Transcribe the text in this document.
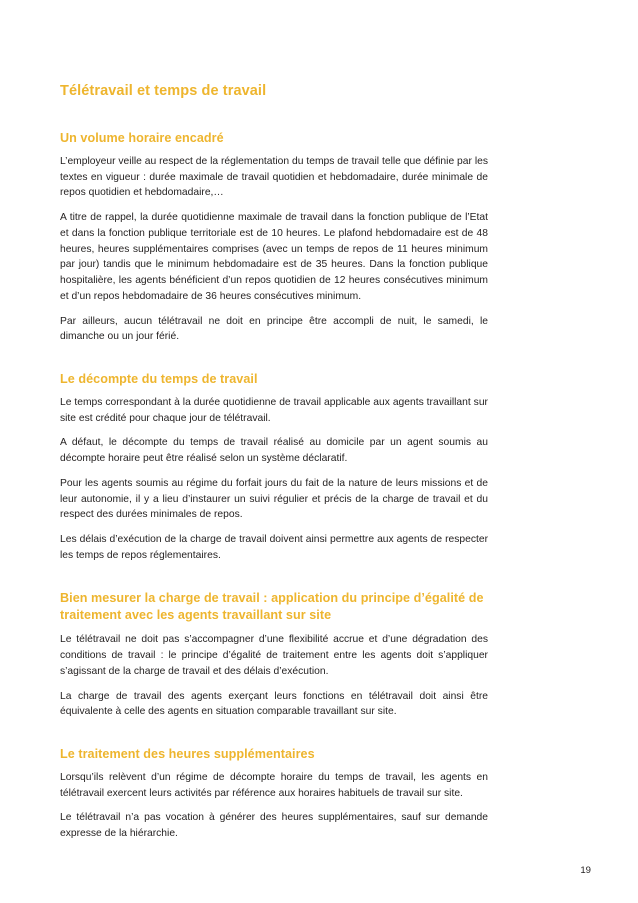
Télétravail et temps de travail
Un volume horaire encadré

L’employeur veille au respect de la réglementation du temps de travail telle que définie par les textes en vigueur : durée maximale de travail quotidien et hebdomadaire, durée minimale de repos quotidien et hebdomadaire,…

A titre de rappel, la durée quotidienne maximale de travail dans la fonction publique de l’Etat et dans la fonction publique territoriale est de 10 heures. Le plafond hebdomadaire est de 48 heures, heures supplémentaires comprises (avec un temps de repos de 11 heures minimum par jour) tandis que le minimum hebdomadaire est de 35 heures. Dans la fonction publique hospitalière, les agents bénéficient d’un repos quotidien de 12 heures consécutives minimum et d’un repos hebdomadaire de 36 heures consécutives minimum.

Par ailleurs, aucun télétravail ne doit en principe être accompli de nuit, le samedi, le dimanche ou un jour férié.

Le décompte du temps de travail

Le temps correspondant à la durée quotidienne de travail applicable aux agents travaillant sur site est crédité pour chaque jour de télétravail.

A défaut, le décompte du temps de travail réalisé au domicile par un agent soumis au décompte horaire peut être réalisé selon un système déclaratif.

Pour les agents soumis au régime du forfait jours du fait de la nature de leurs missions et de leur autonomie, il y a lieu d’instaurer un suivi régulier et précis de la charge de travail et du respect des durées minimales de repos.

Les délais d’exécution de la charge de travail doivent ainsi permettre aux agents de respecter les temps de repos réglementaires.

Bien mesurer la charge de travail : application du principe d’égalité de traitement avec les agents travaillant sur site

Le télétravail ne doit pas s’accompagner d’une flexibilité accrue et d’une dégradation des conditions de travail : le principe d’égalité de traitement entre les agents doit s’appliquer s’agissant de la charge de travail et des délais d’exécution.

La charge de travail des agents exerçant leurs fonctions en télétravail doit ainsi être équivalente à celle des agents en situation comparable travaillant sur site.

Le traitement des heures supplémentaires

Lorsqu’ils relèvent d’un régime de décompte horaire du temps de travail, les agents en télétravail exercent leurs activités par référence aux horaires habituels de travail sur site.

Le télétravail n’a pas vocation à générer des heures supplémentaires, sauf sur demande expresse de la hiérarchie.

19
